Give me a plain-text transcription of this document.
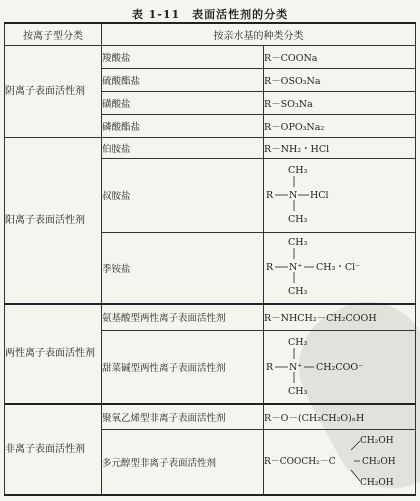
表 1-11　表面活性剂的分类
按离子型分类	按亲水基的种类分类	
阴离子表面活性剂	羧酸盐	R－COONa
	硫酸酯盐	R－OSO₃Na
	磺酸盐	R－SO₃Na
	磷酸酯盐	R－OPO₃Na₂
阳离子表面活性剂	伯胺盐	R－NH₂・HCl
	叔胺盐	CH₃
R N HCl
CH₃

	季铵盐	CH₃
R N⁺ CH₃・Cl⁻
CH₃

两性离子表面活性剂	氨基酸型两性离子表面活性剂	R－NHCH₂－CH₂COOH
	甜菜碱型两性离子表面活性剂	CH₃
R N⁺ CH₂COO⁻
CH₃

非离子表面活性剂	聚氧乙烯型非离子表面活性剂	R－O－(CH₂CH₂O)ₙH
	多元醇型非离子表面活性剂	CH₂OH
R－COOCH₂－C CH₂OH
CH₂OH
